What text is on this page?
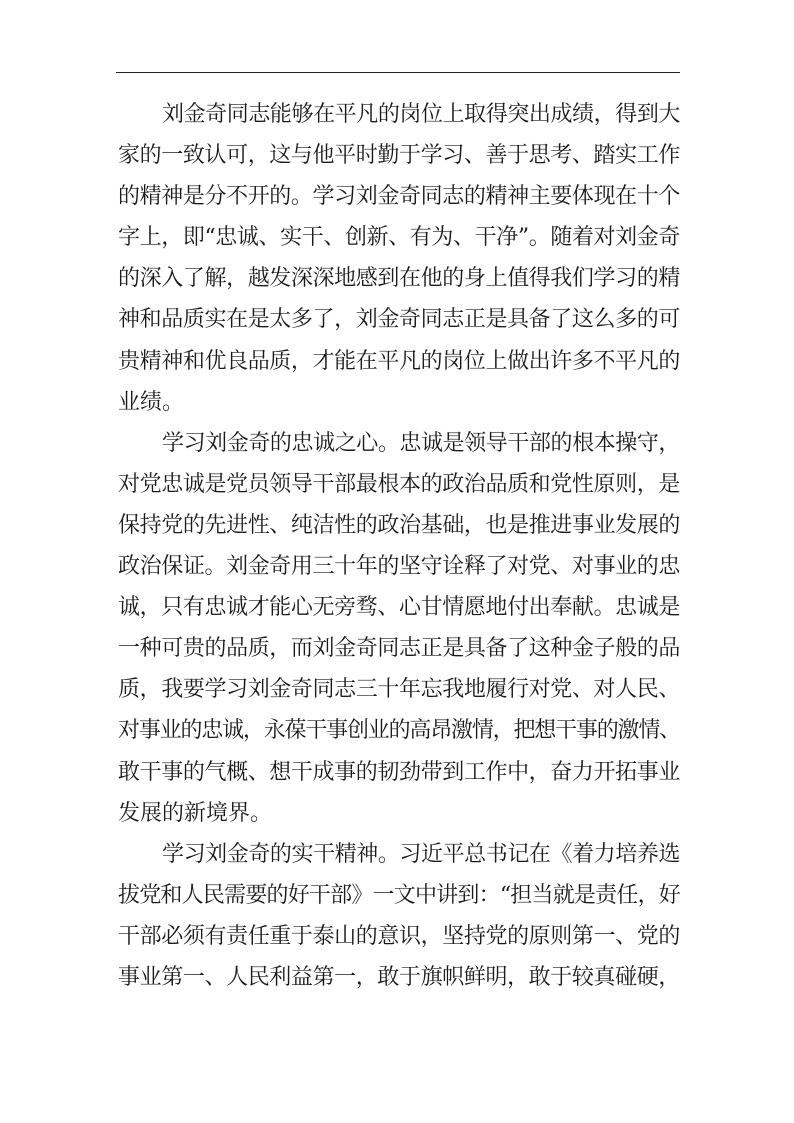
刘金奇同志能够在平凡的岗位上取得突出成绩，得到大
家的一致认可，这与他平时勤于学习、善于思考、踏实工作
的精神是分不开的。学习刘金奇同志的精神主要体现在十个
字上，即“忠诚、实干、创新、有为、干净”。随着对刘金奇
的深入了解，越发深深地感到在他的身上值得我们学习的精
神和品质实在是太多了，刘金奇同志正是具备了这么多的可
贵精神和优良品质，才能在平凡的岗位上做出许多不平凡的
业绩。
学习刘金奇的忠诚之心。忠诚是领导干部的根本操守，
对党忠诚是党员领导干部最根本的政治品质和党性原则，是
保持党的先进性、纯洁性的政治基础，也是推进事业发展的
政治保证。刘金奇用三十年的坚守诠释了对党、对事业的忠
诚，只有忠诚才能心无旁骛、心甘情愿地付出奉献。忠诚是
一种可贵的品质，而刘金奇同志正是具备了这种金子般的品
质，我要学习刘金奇同志三十年忘我地履行对党、对人民、
对事业的忠诚，永葆干事创业的高昂激情，把想干事的激情、
敢干事的气概、想干成事的韧劲带到工作中，奋力开拓事业
发展的新境界。
学习刘金奇的实干精神。习近平总书记在《着力培养选
拔党和人民需要的好干部》一文中讲到：“担当就是责任，好
干部必须有责任重于泰山的意识，坚持党的原则第一、党的
事业第一、人民利益第一，敢于旗帜鲜明，敢于较真碰硬，
